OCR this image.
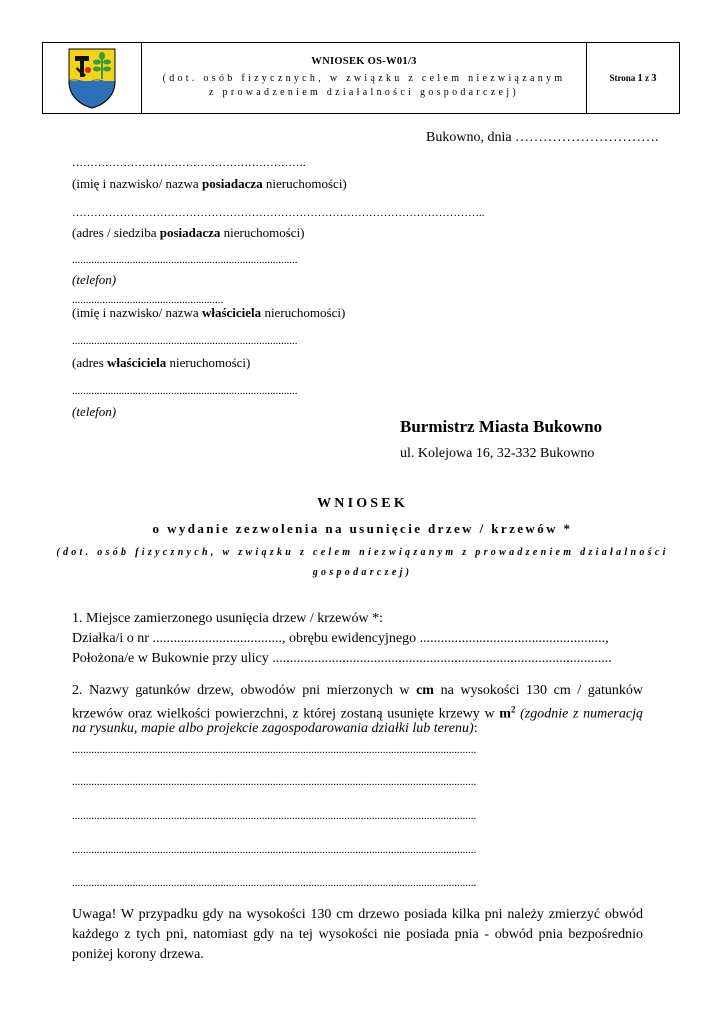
WNIOSEK OS-W01/3
(dot. osób fizycznych, w związku z celem niezwiązanym
z prowadzeniem działalności gospodarczej)
Strona 1 z 3
Bukowno, dnia ………………………….
……………………………………………………….
(imię i nazwisko/ nazwa posiadacza nieruchomości)
…………………………………………………………………………………………………..
(adres / siedziba posiadacza nieruchomości)
..................................................................................
(telefon)
.......................................................
(imię i nazwisko/ nazwa właściciela nieruchomości)
..................................................................................
(adres właściciela nieruchomości)
..................................................................................
(telefon)
Burmistrz Miasta Bukowno
ul. Kolejowa 16, 32-332 Bukowno
WNIOSEK
o wydanie zezwolenia na usunięcie drzew / krzewów *
(dot. osób fizycznych, w związku z celem niezwiązanym z prowadzeniem działalności
gospodarczej)
1. Miejsce zamierzonego usunięcia drzew / krzewów *:
Działka/i o nr ....................................., obrębu ewidencyjnego .....................................................,
Położona/e w Bukownie przy ulicy .................................................................................................
2. Nazwy gatunków drzew, obwodów pni mierzonych w cm na wysokości 130 cm / gatunków
krzewów oraz wielkości powierzchni, z której zostaną usunięte krzewy w $m^2$ (zgodnie z numeracją
na rysunku, mapie albo projekcie zagospodarowania działki lub terenu):
...................................................................................................................................................
...................................................................................................................................................
...................................................................................................................................................
...................................................................................................................................................
...................................................................................................................................................
Uwaga! W przypadku gdy na wysokości 130 cm drzewo posiada kilka pni należy zmierzyć obwód
każdego z tych pni, natomiast gdy na tej wysokości nie posiada pnia - obwód pnia bezpośrednio
poniżej korony drzewa.
